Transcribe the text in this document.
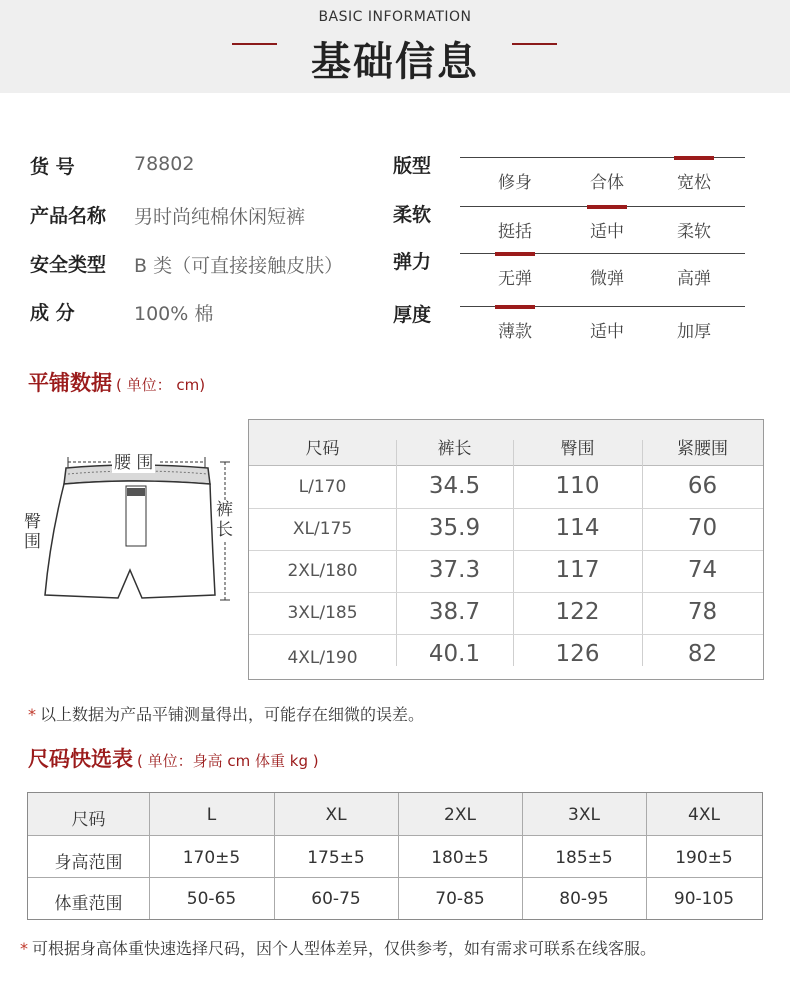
BASIC INFORMATION
基础信息
货 号	78802
产品名称	男时尚纯棉休闲短裤
安全类型	B 类（可直接接触皮肤）
成 分	100% 棉
版型
修身	合体	宽松
柔软
挺括	适中	柔软
弹力
无弹	微弹	高弹
厚度
薄款	适中	加厚
平铺数据 ( 单位： cm)
腰 围
臀围
裤长
尺码	裤长	臀围	紧腰围
L/170	34.5	110	66
XL/175	35.9	114	70
2XL/180	37.3	117	74
3XL/185	38.7	122	78
4XL/190	40.1	126	82
* 以上数据为产品平铺测量得出，可能存在细微的误差。
尺码快选表 ( 单位：身高 cm 体重 kg )
尺码	L	XL	2XL	3XL	4XL
身高范围	170±5	175±5	180±5	185±5	190±5
体重范围	50-65	60-75	70-85	80-95	90-105
* 可根据身高体重快速选择尺码，因个人型体差异，仅供参考，如有需求可联系在线客服。
